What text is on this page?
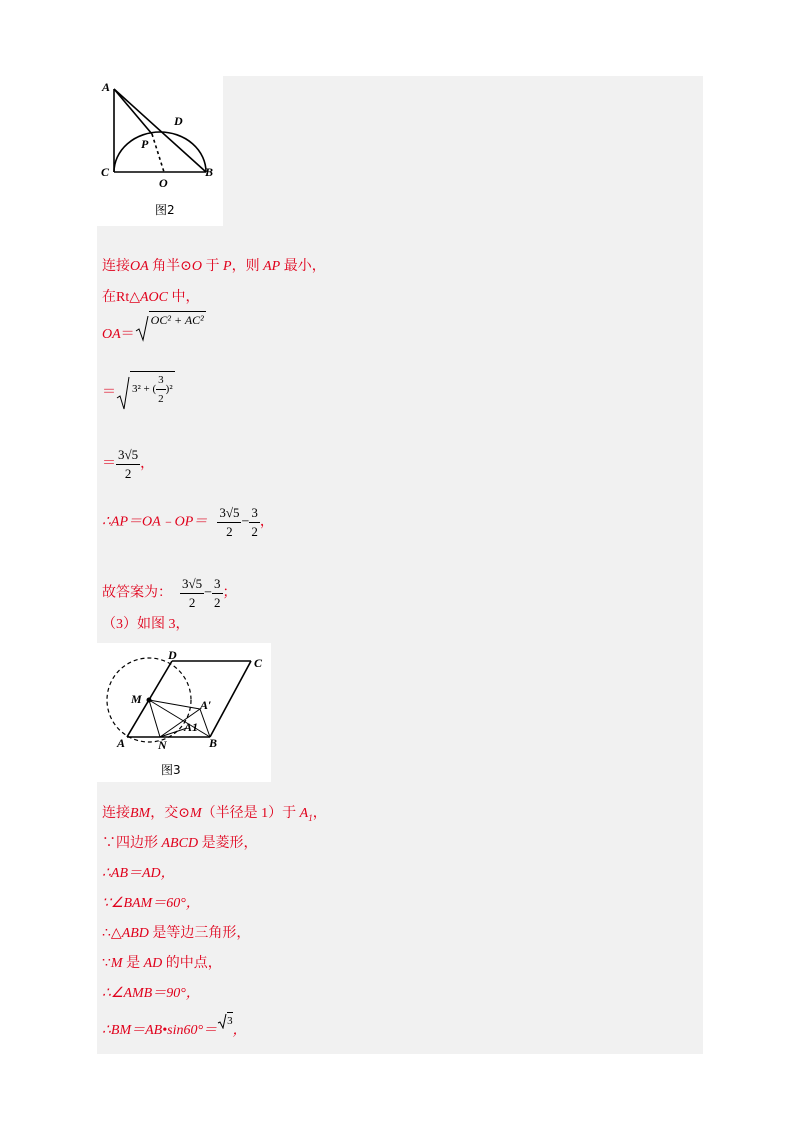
A
C
O
B
D
P
图2
连接OA 角半⊙O 于 P，则 AP 最小，
在Rt△AOC 中，
OA＝OC² + AC²
＝ 3² + ( $\frac{3}{2} )^2$
＝ $\frac{3√5}{2}$ ，
∴AP＝OA﹣OP＝ $\frac{3√5}{2} - \frac{3}{2}$ ，
故答案为： $\frac{3√5}{2} - \frac{3}{2}$ ；
（3）如图 3，
D
C
M	A′
A1
A	N	B
图3
连接BM，交⊙M（半径是 1）于 $A_1$，
∵四边形 ABCD 是菱形，
∴AB＝AD，
∵∠BAM＝60°，
∴△ABD 是等边三角形，
∵M 是 AD 的中点，
∴∠AMB＝90°，
∴BM＝AB•sin60°＝3，
